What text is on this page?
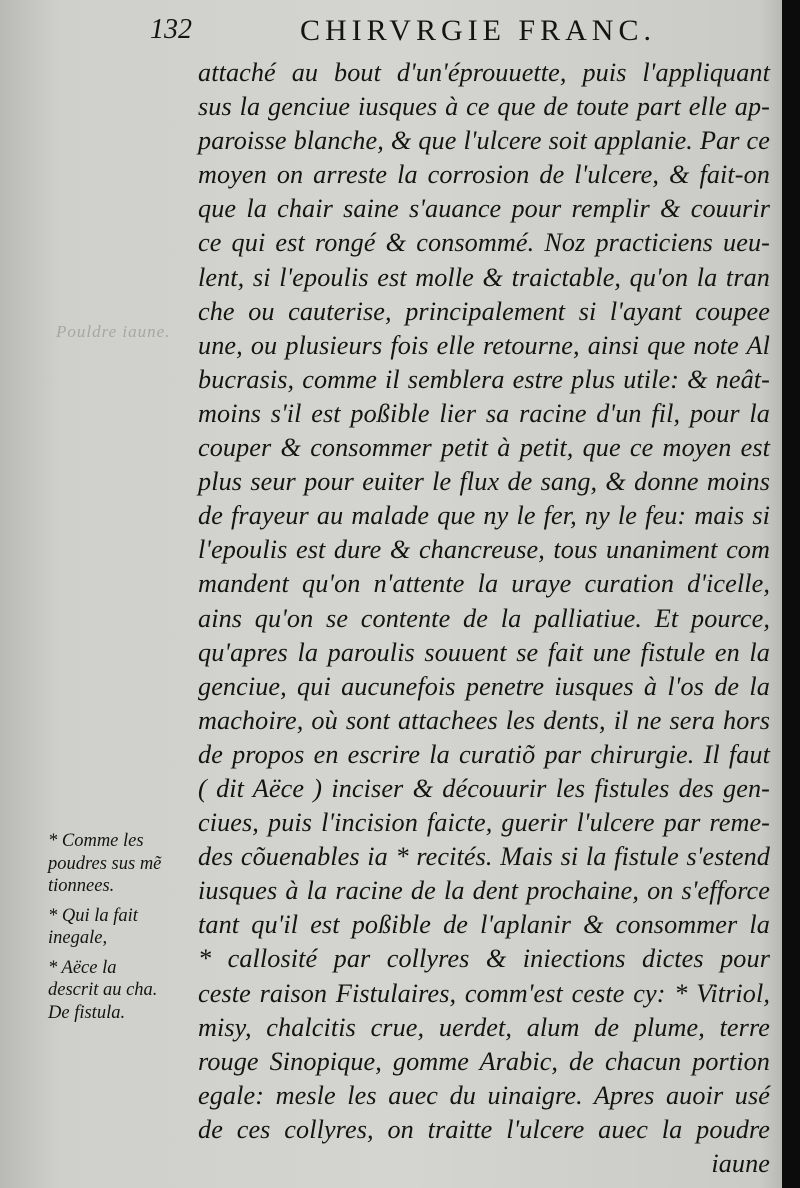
132	CHIRVRGIE FRANC.
Pouldre iaune.
attaché au bout d'un'éprouuette, puis l'appliquant
sus la genciue iusques à ce que de toute part elle ap-
paroisse blanche, & que l'ulcere soit applanie. Par ce
moyen on arreste la corrosion de l'ulcere, & fait-on
que la chair saine s'auance pour remplir & couurir
ce qui est rongé & consommé. Noz practiciens ueu-
lent, si l'epoulis est molle & traictable, qu'on la tran
che ou cauterise, principalement si l'ayant coupee
une, ou plusieurs fois elle retourne, ainsi que note Al
bucrasis, comme il semblera estre plus utile: & neât-
moins s'il est poßible lier sa racine d'un fil, pour la
couper & consommer petit à petit, que ce moyen est
plus seur pour euiter le flux de sang, & donne moins
de frayeur au malade que ny le fer, ny le feu: mais si
l'epoulis est dure & chancreuse, tous unaniment com
mandent qu'on n'attente la uraye curation d'icelle,
ains qu'on se contente de la palliatiue. Et pource,
qu'apres la paroulis souuent se fait une fistule en la
genciue, qui aucunefois penetre iusques à l'os de la
machoire, où sont attachees les dents, il ne sera hors
de propos en escrire la curatiõ par chirurgie. Il faut
( dit Aëce ) inciser & découurir les fistules des gen-
ciues, puis l'incision faicte, guerir l'ulcere par reme-
des cõuenables ia * recités. Mais si la fistule s'estend
iusques à la racine de la dent prochaine, on s'efforce
tant qu'il est poßible de l'aplanir & consommer la
* callosité par collyres & iniections dictes pour
ceste raison Fistulaires, comm'est ceste cy: * Vitriol,
misy, chalcitis crue, uerdet, alum de plume, terre
rouge Sinopique, gomme Arabic, de chacun portion
egale: mesle les auec du uinaigre. Apres auoir usé
de ces collyres, on traitte l'ulcere auec la poudre
iaune
* Comme les
poudres sus mẽ
tionnees.
* Qui la fait
inegale,
* Aëce la
descrit au cha.
De fistula.
